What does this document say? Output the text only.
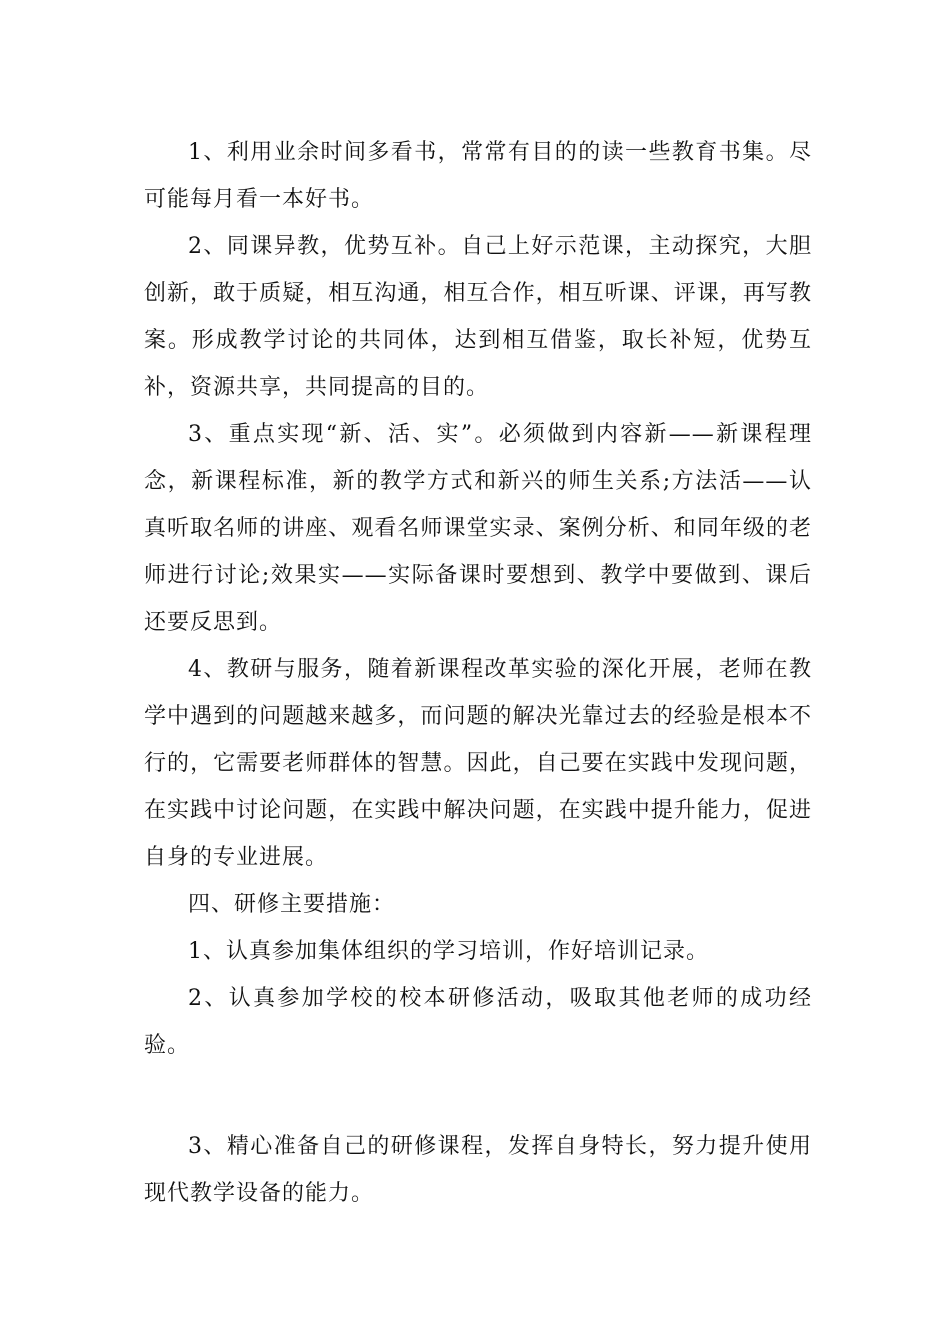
1、利用业余时间多看书，常常有目的的读一些教育书集。尽可能每月看一本好书。

2、同课异教，优势互补。自己上好示范课，主动探究，大胆创新，敢于质疑，相互沟通，相互合作，相互听课、评课，再写教案。形成教学讨论的共同体，达到相互借鉴，取长补短，优势互补，资源共享，共同提高的目的。

3、重点实现“新、活、实”。必须做到内容新——新课程理念，新课程标准，新的教学方式和新兴的师生关系;方法活——认真听取名师的讲座、观看名师课堂实录、案例分析、和同年级的老师进行讨论;效果实——实际备课时要想到、教学中要做到、课后还要反思到。

4、教研与服务，随着新课程改革实验的深化开展，老师在教学中遇到的问题越来越多，而问题的解决光靠过去的经验是根本不行的，它需要老师群体的智慧。因此，自己要在实践中发现问题，在实践中讨论问题，在实践中解决问题，在实践中提升能力，促进自身的专业进展。

四、研修主要措施：

1、认真参加集体组织的学习培训，作好培训记录。

2、认真参加学校的校本研修活动，吸取其他老师的成功经验。

3、精心准备自己的研修课程，发挥自身特长，努力提升使用现代教学设备的能力。
